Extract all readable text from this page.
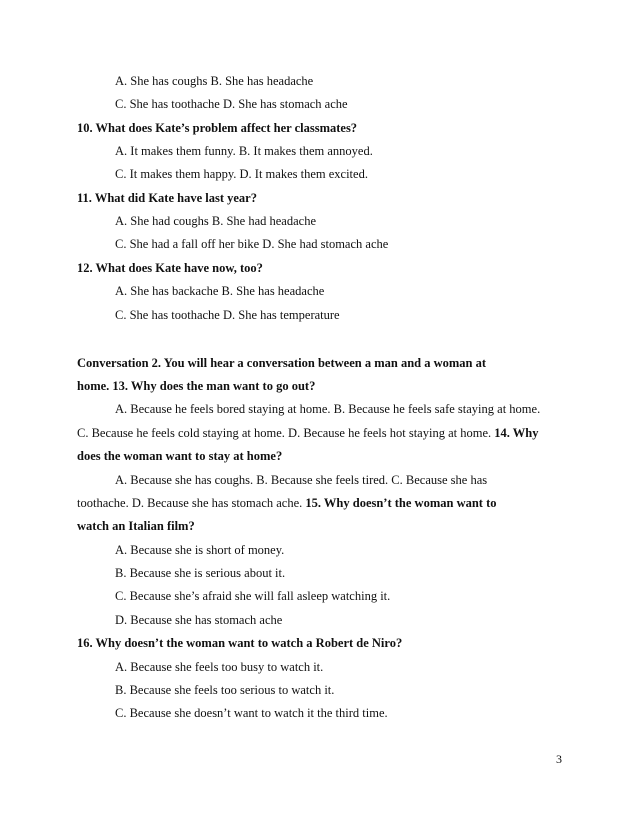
A. She has coughs B. She has headache
C. She has toothache D. She has stomach ache
10. What does Kate’s problem affect her classmates?
A. It makes them funny. B. It makes them annoyed.
C. It makes them happy. D. It makes them excited.
11. What did Kate have last year?
A. She had coughs B. She had headache
C. She had a fall off her bike D. She had stomach ache
12. What does Kate have now, too?
A. She has backache B. She has headache
C. She has toothache D. She has temperature
Conversation 2. You will hear a conversation between a man and a woman at
home. 13. Why does the man want to go out?
A. Because he feels bored staying at home. B. Because he feels safe staying at home.
C. Because he feels cold staying at home. D. Because he feels hot staying at home. 14. Why
does the woman want to stay at home?
A. Because she has coughs. B. Because she feels tired. C. Because she has
toothache. D. Because she has stomach ache. 15. Why doesn’t the woman want to
watch an Italian film?
A. Because she is short of money.
B. Because she is serious about it.
C. Because she’s afraid she will fall asleep watching it.
D. Because she has stomach ache
16. Why doesn’t the woman want to watch a Robert de Niro?
A. Because she feels too busy to watch it.
B. Because she feels too serious to watch it.
C. Because she doesn’t want to watch it the third time.
3
